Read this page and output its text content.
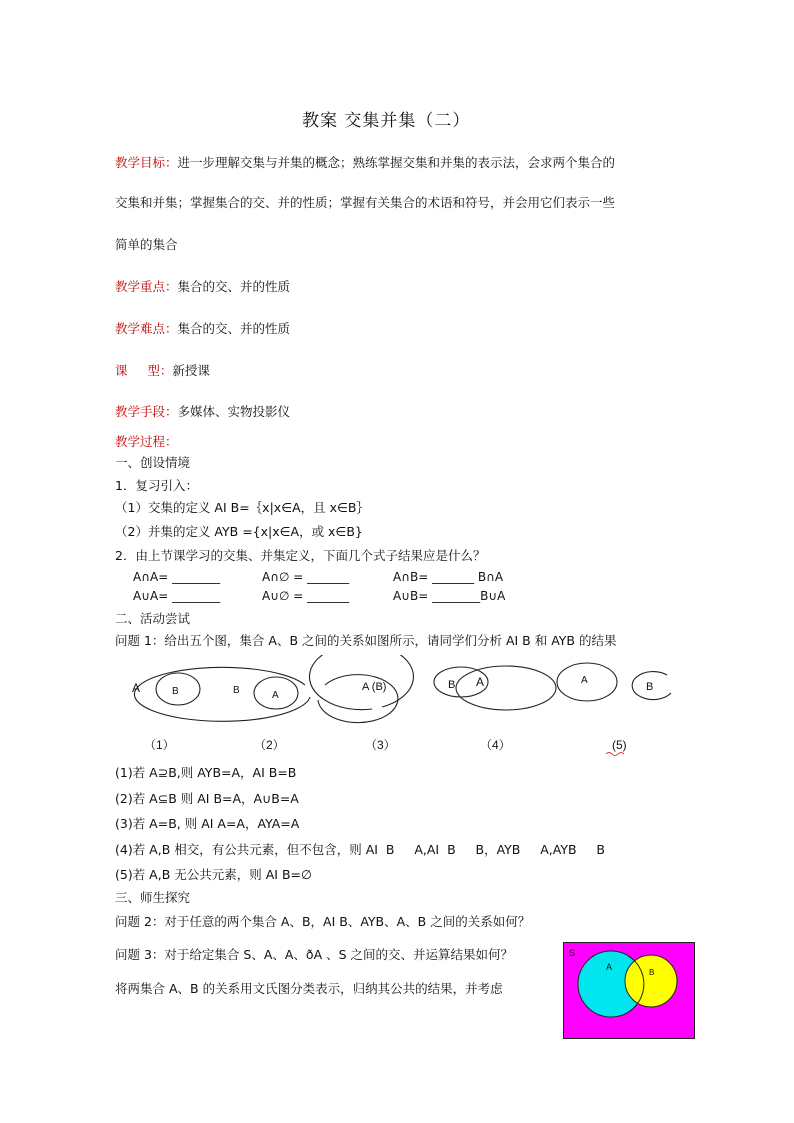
教案 交集并集（二）
教学目标：进一步理解交集与并集的概念；熟练掌握交集和并集的表示法，会求两个集合的
交集和并集；掌握集合的交、并的性质；掌握有关集合的术语和符号，并会用它们表示一些
简单的集合
教学重点：集合的交、并的性质
教学难点：集合的交、并的性质
课     型：新授课
教学手段：多媒体、实物投影仪
教学过程：
一、创设情境
1．复习引入：
（1）交集的定义 AI B=｛x|x∈A，且 x∈B｝
（2）并集的定义 AYB ={x|x∈A，或 x∈B}
2．由上节课学习的交集、并集定义，下面几个式子结果应是什么？
A∩A= ________	A∩∅ = _______	A∩B= _______ B∩A
A∪A= ________	A∪∅ = _______	A∪B= ________B∪A
二、活动尝试
问题 1：给出五个图，集合 A、B 之间的关系如图所示，请同学们分析 AI B 和 AYB 的结果
A	B	B	A
A (B)	B A	A
B
（1）	（2）	（3）	（4）	(5)
(1)若 A⊇B,则 AYB=A，AI B=B
(2)若 A⊆B 则 AI B=A，A∪B=A
(3)若 A=B, 则 AI A=A，AYA=A
(4)若 A,B 相交，有公共元素，但不包含，则 AI  B     A,AI  B     B，AYB     A,AYB     B
(5)若 A,B 无公共元素，则 AI B=∅
三、师生探究
问题 2：对于任意的两个集合 A、B，AI B、AYB、A、B 之间的关系如何？
问题 3：对于给定集合 S、A、A、ðA 、S 之间的交、并运算结果如何？
将两集合 A、B 的关系用文氏图分类表示，归纳其公共的结果，并考虑
S
A
B
